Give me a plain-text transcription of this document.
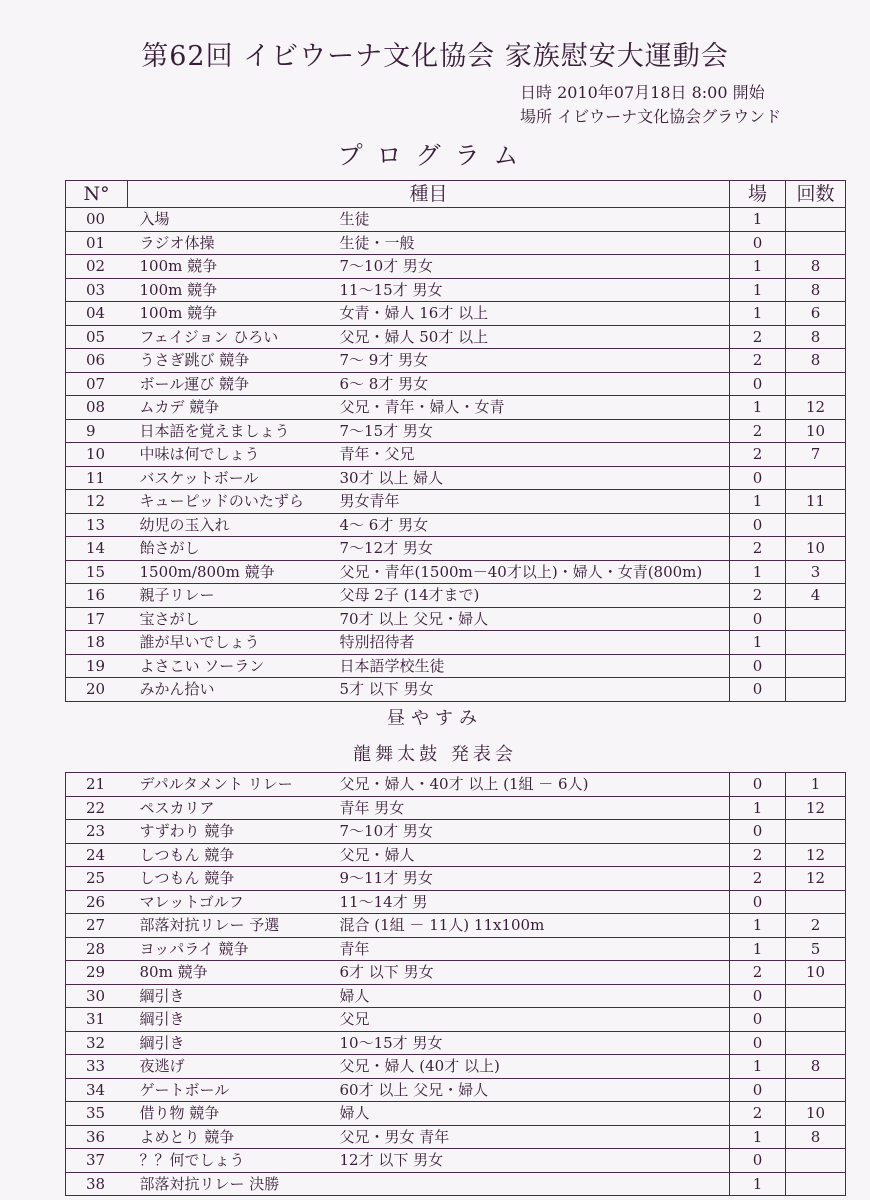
第62回 イビウーナ文化協会 家族慰安大運動会
日時 2010年07月18日 8:00 開始
場所 イビウーナ文化協会グラウンド
プログラム
N°	種目		場	回数
00	入場	生徒	1	
01	ラジオ体操	生徒・一般	0	
02	100m 競争	7〜10才 男女	1	8
03	100m 競争	11〜15才 男女	1	8
04	100m 競争	女青・婦人 16才 以上	1	6
05	フェイジョン ひろい	父兄・婦人 50才 以上	2	8
06	うさぎ跳び 競争	7〜 9才 男女	2	8
07	ボール運び 競争	6〜 8才 男女	0	
08	ムカデ 競争	父兄・青年・婦人・女青	1	12
9	日本語を覚えましょう	7〜15才 男女	2	10
10	中味は何でしょう	青年・父兄	2	7
11	バスケットボール	30才 以上 婦人	0	
12	キューピッドのいたずら	男女青年	1	11
13	幼児の玉入れ	4〜 6才 男女	0	
14	飴さがし	7〜12才 男女	2	10
15	1500m/800m 競争	父兄・青年(1500m－40才以上)・婦人・女青(800m)	1	3
16	親子リレー	父母 2子 (14才まで)	2	4
17	宝さがし	70才 以上 父兄・婦人	0	
18	誰が早いでしょう	特別招待者	1	
19	よさこい ソーラン	日本語学校生徒	0	
20	みかん拾い	5才 以下 男女	0	
昼やすみ
龍舞太鼓 発表会
21	デパルタメント リレー	父兄・婦人・40才 以上 (1組 － 6人)	0	1
22	ペスカリア	青年 男女	1	12
23	すずわり 競争	7〜10才 男女	0	
24	しつもん 競争	父兄・婦人	2	12
25	しつもん 競争	9〜11才 男女	2	12
26	マレットゴルフ	11〜14才 男	0	
27	部落対抗リレー 予選	混合 (1組 － 11人) 11x100m	1	2
28	ヨッパライ 競争	青年	1	5
29	80m 競争	6才 以下 男女	2	10
30	綱引き	婦人	0	
31	綱引き	父兄	0	
32	綱引き	10〜15才 男女	0	
33	夜逃げ	父兄・婦人 (40才 以上)	1	8
34	ゲートボール	60才 以上 父兄・婦人	0	
35	借り物 競争	婦人	2	10
36	よめとり 競争	父兄・男女 青年	1	8
37	？？何でしょう	12才 以下 男女	0	
38	部落対抗リレー 決勝		1	
